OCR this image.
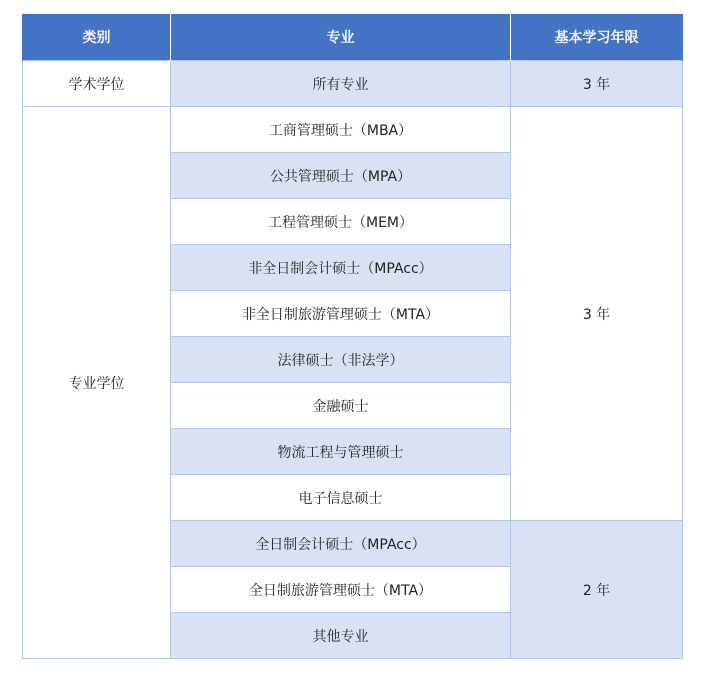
类别	专业	基本学习年限
学术学位	所有专业	3 年
专业学位	工商管理硕士（MBA）	3 年
	公共管理硕士（MPA）	
	工程管理硕士（MEM）	
	非全日制会计硕士（MPAcc）	
	非全日制旅游管理硕士（MTA）	
	法律硕士（非法学）	
	金融硕士	
	物流工程与管理硕士	
	电子信息硕士	
	全日制会计硕士（MPAcc）	2 年
	全日制旅游管理硕士（MTA）	
	其他专业	
